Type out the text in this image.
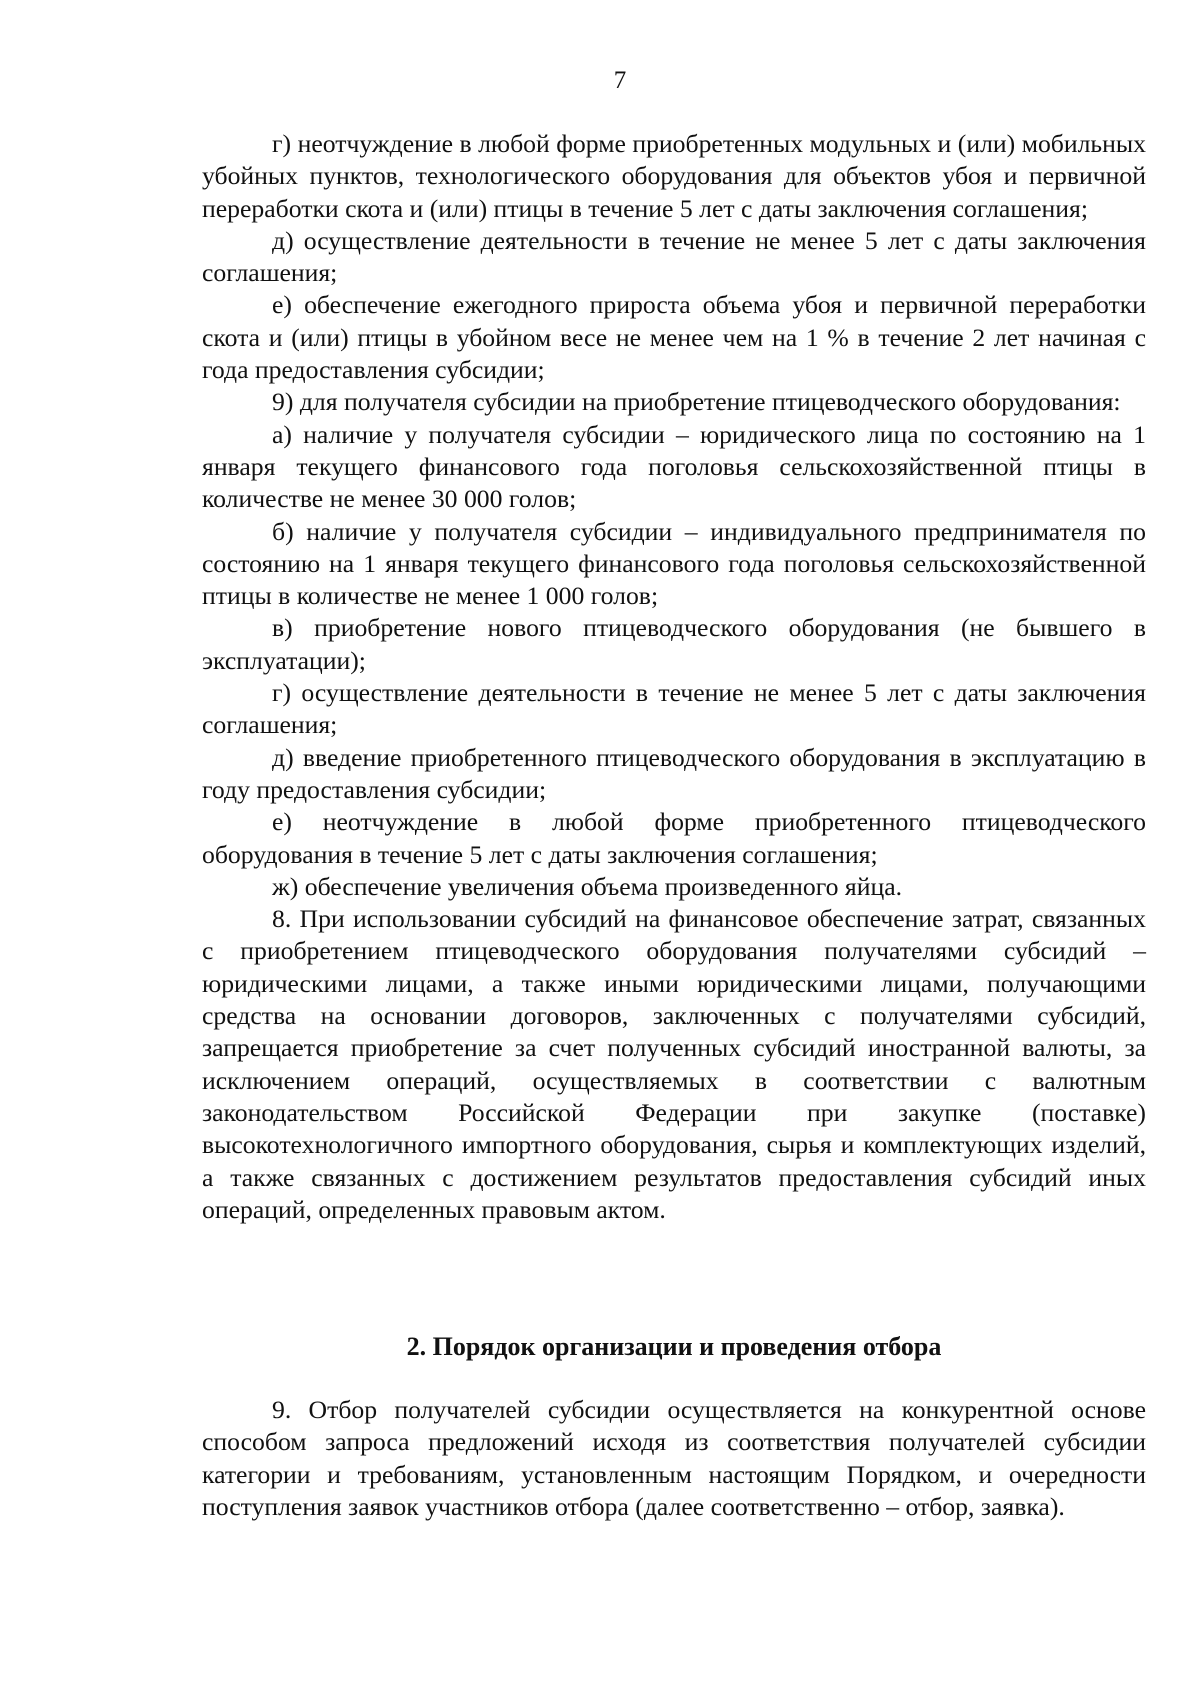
7

г) неотчуждение в любой форме приобретенных модульных и (или) мобильных убойных пунктов, технологического оборудования для объектов убоя и первичной переработки скота и (или) птицы в течение 5 лет с даты заключения соглашения;

д) осуществление деятельности в течение не менее 5 лет с даты заключения соглашения;

е) обеспечение ежегодного прироста объема убоя и первичной переработки скота и (или) птицы в убойном весе не менее чем на 1 % в течение 2 лет начиная с года предоставления субсидии;

9) для получателя субсидии на приобретение птицеводческого оборудования:

а) наличие у получателя субсидии – юридического лица по состоянию на 1 января текущего финансового года поголовья сельскохозяйственной птицы в количестве не менее 30 000 голов;

б) наличие у получателя субсидии – индивидуального предпринимателя по состоянию на 1 января текущего финансового года поголовья сельскохозяйственной птицы в количестве не менее 1 000 голов;

в) приобретение нового птицеводческого оборудования (не бывшего в эксплуатации);

г) осуществление деятельности в течение не менее 5 лет с даты заключения соглашения;

д) введение приобретенного птицеводческого оборудования в эксплуатацию в году предоставления субсидии;

е) неотчуждение в любой форме приобретенного птицеводческого оборудования в течение 5 лет с даты заключения соглашения;

ж) обеспечение увеличения объема произведенного яйца.

8. При использовании субсидий на финансовое обеспечение затрат, связанных с приобретением птицеводческого оборудования получателями субсидий – юридическими лицами, а также иными юридическими лицами, получающими средства на основании договоров, заключенных с получателями субсидий, запрещается приобретение за счет полученных субсидий иностранной валюты, за исключением операций, осуществляемых в соответствии с валютным законодательством Российской Федерации при закупке (поставке) высокотехнологичного импортного оборудования, сырья и комплектующих изделий, а также связанных с достижением результатов предоставления субсидий иных операций, определенных правовым актом.

2. Порядок организации и проведения отбора

9. Отбор получателей субсидии осуществляется на конкурентной основе способом запроса предложений исходя из соответствия получателей субсидии категории и требованиям, установленным настоящим Порядком, и очередности поступления заявок участников отбора (далее соответственно – отбор, заявка).
